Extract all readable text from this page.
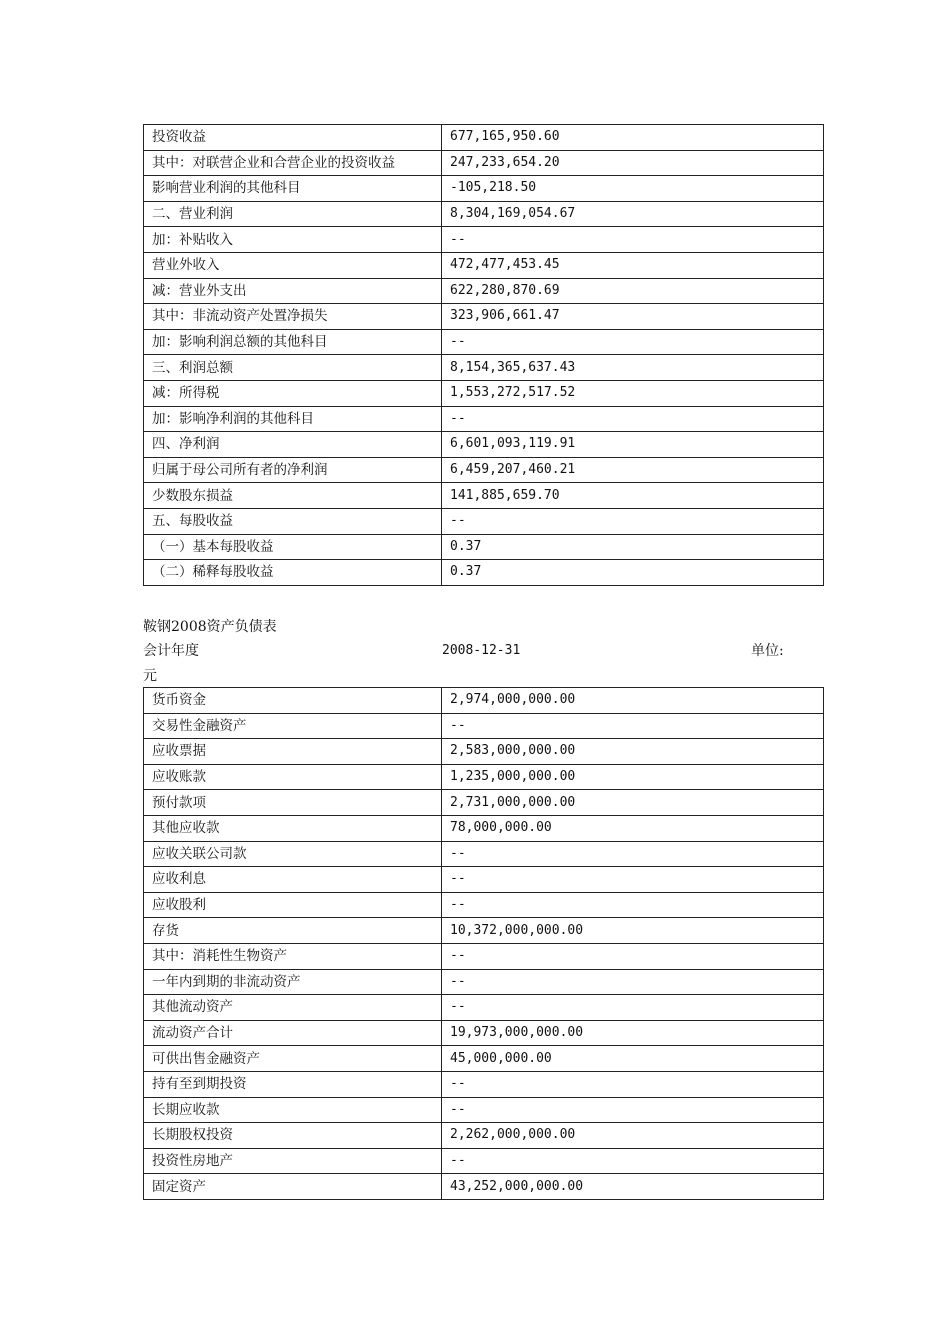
投资收益	677,165,950.60
其中：对联营企业和合营企业的投资收益	247,233,654.20
影响营业利润的其他科目	-105,218.50
二、营业利润	8,304,169,054.67
加：补贴收入	--
营业外收入	472,477,453.45
减：营业外支出	622,280,870.69
其中：非流动资产处置净损失	323,906,661.47
加：影响利润总额的其他科目	--
三、利润总额	8,154,365,637.43
减：所得税	1,553,272,517.52
加：影响净利润的其他科目	--
四、净利润	6,601,093,119.91
归属于母公司所有者的净利润	6,459,207,460.21
少数股东损益	141,885,659.70
五、每股收益	--
（一）基本每股收益	0.37
（二）稀释每股收益	0.37
鞍钢2008资产负债表
会计年度	2008-12-31	单位:
元
货币资金	2,974,000,000.00
交易性金融资产	--
应收票据	2,583,000,000.00
应收账款	1,235,000,000.00
预付款项	2,731,000,000.00
其他应收款	78,000,000.00
应收关联公司款	--
应收利息	--
应收股利	--
存货	10,372,000,000.00
其中：消耗性生物资产	--
一年内到期的非流动资产	--
其他流动资产	--
流动资产合计	19,973,000,000.00
可供出售金融资产	45,000,000.00
持有至到期投资	--
长期应收款	--
长期股权投资	2,262,000,000.00
投资性房地产	--
固定资产	43,252,000,000.00
